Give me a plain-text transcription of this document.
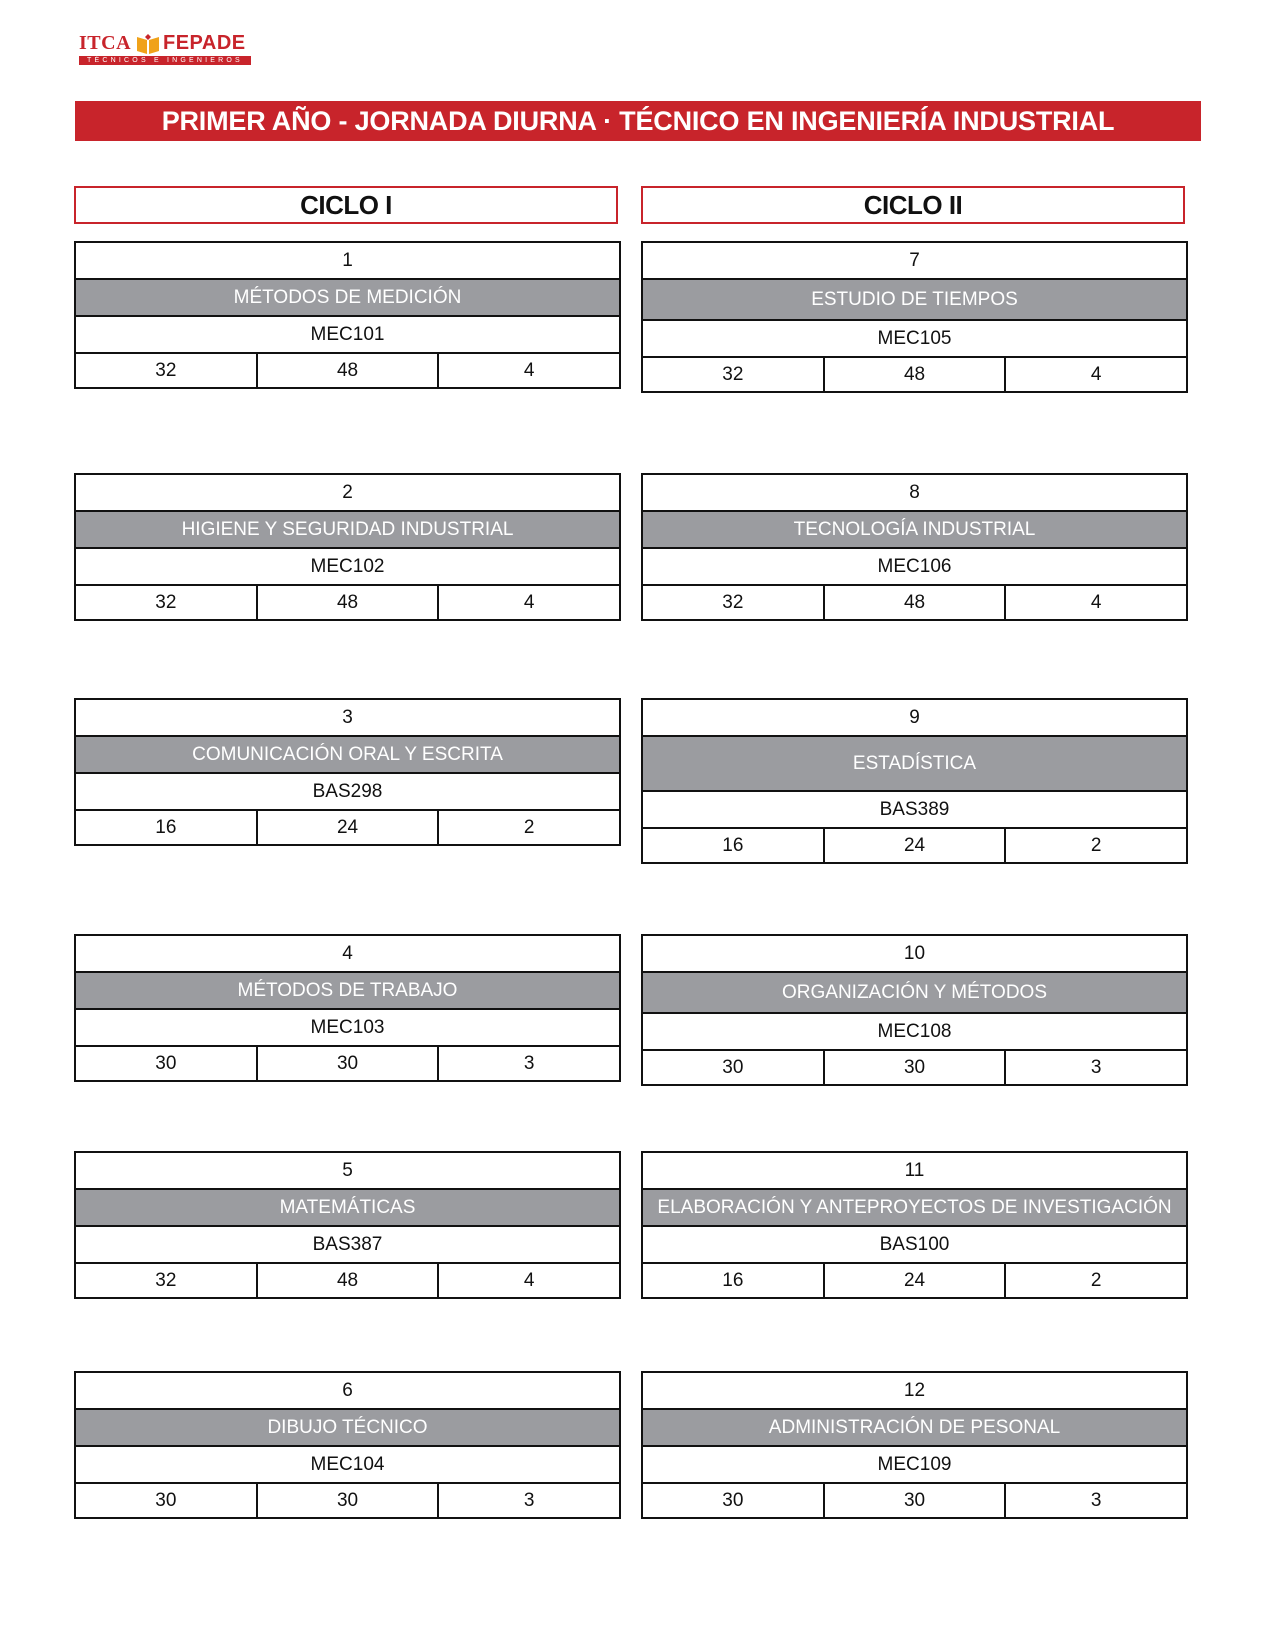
ITCA FEPADE
TÉCNICOS E INGENIEROS
PRIMER AÑO - JORNADA DIURNA · TÉCNICO EN INGENIERÍA INDUSTRIAL
CICLO I	CICLO II
1
MÉTODOS DE MEDICIÓN
MEC101
32	48	4
2
HIGIENE Y SEGURIDAD INDUSTRIAL
MEC102
32	48	4
3
COMUNICACIÓN ORAL Y ESCRITA
BAS298
16	24	2
4
MÉTODOS DE TRABAJO
MEC103
30	30	3
5
MATEMÁTICAS
BAS387
32	48	4
6
DIBUJO TÉCNICO
MEC104
30	30	3
7
ESTUDIO DE TIEMPOS
MEC105
32	48	4
8
TECNOLOGÍA INDUSTRIAL
MEC106
32	48	4
9
ESTADÍSTICA
BAS389
16	24	2
10
ORGANIZACIÓN Y MÉTODOS
MEC108
30	30	3
11
ELABORACIÓN Y ANTEPROYECTOS DE INVESTIGACIÓN
BAS100
16	24	2
12
ADMINISTRACIÓN DE PESONAL
MEC109
30	30	3
